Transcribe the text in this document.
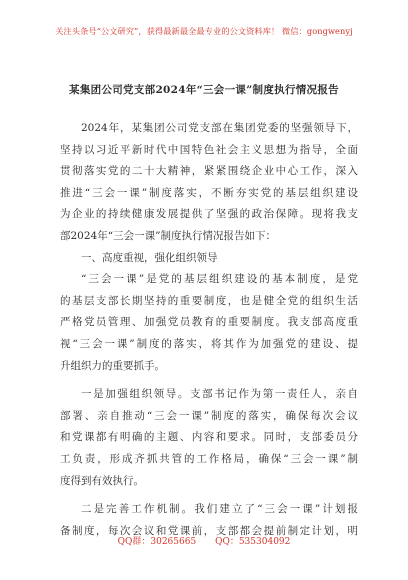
关注头条号“公文研究”，获得最新最全最专业的公文资料库！ 微信：gongwenyj
某集团公司党支部2024年“三会一课”制度执行情况报告
2024年，某集团公司党支部在集团党委的坚强领导下，
坚持以习近平新时代中国特色社会主义思想为指导，全面
贯彻落实党的二十大精神，紧紧围绕企业中心工作，深入
推进“三会一课”制度落实，不断夯实党的基层组织建设
为企业的持续健康发展提供了坚强的政治保障。现将我支
部2024年“三会一课”制度执行情况报告如下：
一、高度重视，强化组织领导
“三会一课”是党的基层组织建设的基本制度，是党
的基层支部长期坚持的重要制度，也是健全党的组织生活
严格党员管理、加强党员教育的重要制度。我支部高度重
视“三会一课”制度的落实，将其作为加强党的建设、提
升组织力的重要抓手。
一是加强组织领导。支部书记作为第一责任人，亲自
部署、亲自推动“三会一课”制度的落实，确保每次会议
和党课都有明确的主题、内容和要求。同时，支部委员分
工负责，形成齐抓共管的工作格局，确保“三会一课”制
度得到有效执行。
二是完善工作机制。我们建立了“三会一课”计划报
备制度，每次会议和党课前，支部都会提前制定计划，明
QQ群：30265665 QQ：535304092
